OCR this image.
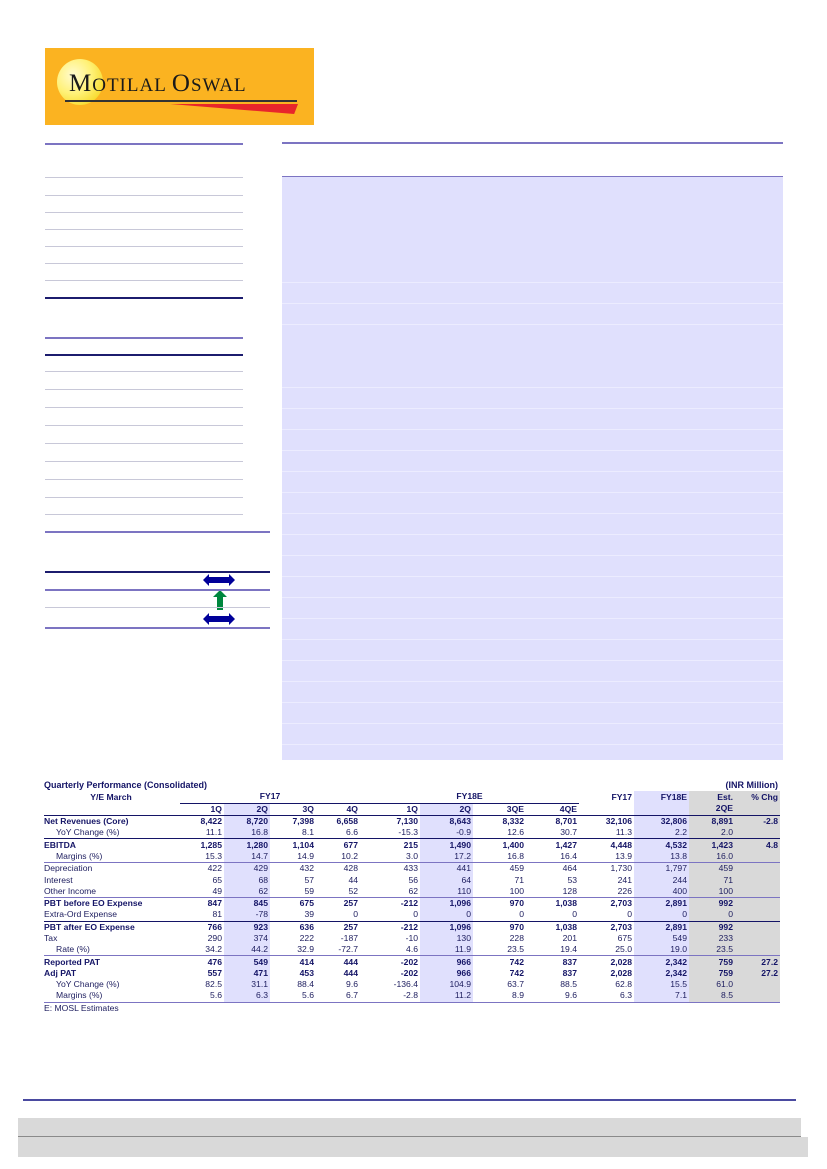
MOTILAL OSWAL
Quarterly Performance (Consolidated)									(INR Million)			
Y/E March	FY17				FY18E				FY17	FY18E	Est.	% Chg
	1Q	2Q	3Q	4Q	1Q	2Q	3QE	4QE			2QE	
Net Revenues (Core)	8,422	8,720	7,398	6,658	7,130	8,643	8,332	8,701	32,106	32,806	8,891	-2.8
YoY Change (%)	11.1	16.8	8.1	6.6	-15.3	-0.9	12.6	30.7	11.3	2.2	2.0	
EBITDA	1,285	1,280	1,104	677	215	1,490	1,400	1,427	4,448	4,532	1,423	4.8
Margins (%)	15.3	14.7	14.9	10.2	3.0	17.2	16.8	16.4	13.9	13.8	16.0	
Depreciation	422	429	432	428	433	441	459	464	1,730	1,797	459	
Interest	65	68	57	44	56	64	71	53	241	244	71	
Other Income	49	62	59	52	62	110	100	128	226	400	100	
PBT before EO Expense	847	845	675	257	-212	1,096	970	1,038	2,703	2,891	992	
Extra-Ord Expense	81	-78	39	0	0	0	0	0	0	0	0	
PBT after EO Expense	766	923	636	257	-212	1,096	970	1,038	2,703	2,891	992	
Tax	290	374	222	-187	-10	130	228	201	675	549	233	
Rate (%)	34.2	44.2	32.9	-72.7	4.6	11.9	23.5	19.4	25.0	19.0	23.5	
Reported PAT	476	549	414	444	-202	966	742	837	2,028	2,342	759	27.2
Adj PAT	557	471	453	444	-202	966	742	837	2,028	2,342	759	27.2
YoY Change (%)	82.5	31.1	88.4	9.6	-136.4	104.9	63.7	88.5	62.8	15.5	61.0	
Margins (%)	5.6	6.3	5.6	6.7	-2.8	11.2	8.9	9.6	6.3	7.1	8.5	
E: MOSL Estimates
